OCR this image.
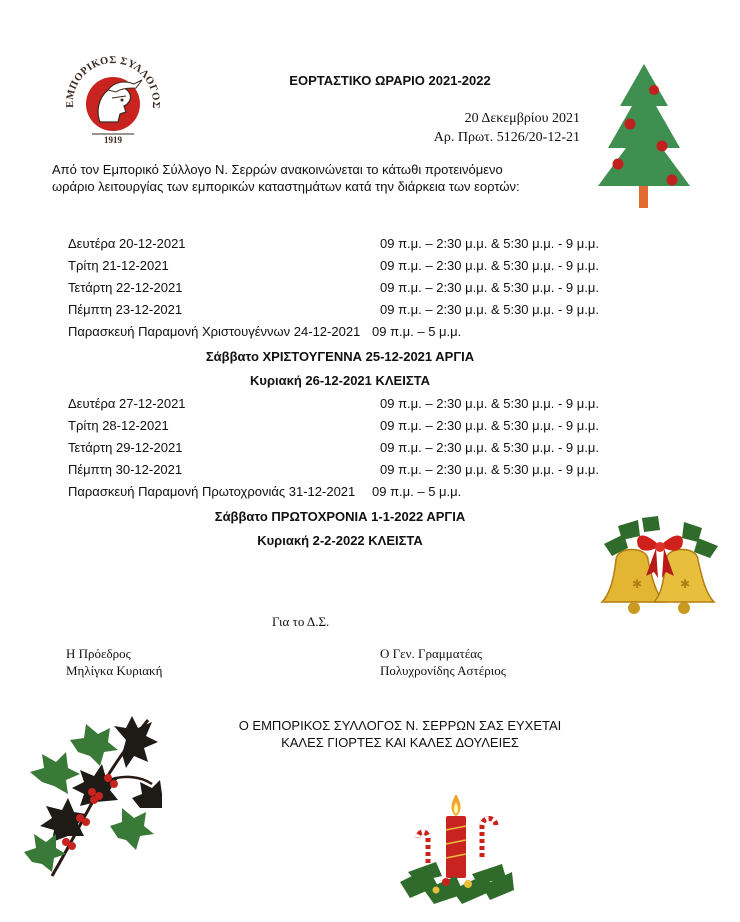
ΕΜΠΟΡΙΚΟΣ ΣΥΛΛΟΓΟΣ
1919
ΕΟΡΤΑΣΤΙΚΟ ΩΡΑΡΙΟ 2021-2022
20 Δεκεμβρίου 2021
Αρ. Πρωτ. 5126/20-12-21
Από τον Εμπορικό Σύλλογο Ν. Σερρών ανακοινώνεται το κάτωθι προτεινόμενο
ωράριο λειτουργίας των εμπορικών καταστημάτων κατά την διάρκεια των εορτών:
Δευτέρα 20-12-2021	09 π.μ. – 2:30 μ.μ. & 5:30 μ.μ. - 9 μ.μ.
Τρίτη 21-12-2021	09 π.μ. – 2:30 μ.μ. & 5:30 μ.μ. - 9 μ.μ.
Τετάρτη 22-12-2021	09 π.μ. – 2:30 μ.μ. & 5:30 μ.μ. - 9 μ.μ.
Πέμπτη 23-12-2021	09 π.μ. – 2:30 μ.μ. & 5:30 μ.μ. - 9 μ.μ.
Παρασκευή Παραμονή Χριστουγέννων 24-12-2021 09 π.μ. – 5 μ.μ.
Σάββατο ΧΡΙΣΤΟΥΓΕΝΝΑ 25-12-2021 ΑΡΓΙΑ
Κυριακή 26-12-2021 ΚΛΕΙΣΤΑ
Δευτέρα 27-12-2021	09 π.μ. – 2:30 μ.μ. & 5:30 μ.μ. - 9 μ.μ.
Τρίτη 28-12-2021	09 π.μ. – 2:30 μ.μ. & 5:30 μ.μ. - 9 μ.μ.
Τετάρτη 29-12-2021	09 π.μ. – 2:30 μ.μ. & 5:30 μ.μ. - 9 μ.μ.
Πέμπτη 30-12-2021	09 π.μ. – 2:30 μ.μ. & 5:30 μ.μ. - 9 μ.μ.
Παρασκευή Παραμονή Πρωτοχρονιάς 31-12-2021 09 π.μ. – 5 μ.μ.
Σάββατο ΠΡΩΤΟΧΡΟΝΙΑ 1-1-2022 ΑΡΓΙΑ
Κυριακή 2-2-2022 ΚΛΕΙΣΤΑ
✱	✱
Για το Δ.Σ.
Η Πρόεδρος
Μηλίγκα Κυριακή
Ο Γεν. Γραμματέας
Πολυχρονίδης Αστέριος
Ο ΕΜΠΟΡΙΚΟΣ ΣΥΛΛΟΓΟΣ Ν. ΣΕΡΡΩΝ ΣΑΣ ΕΥΧΕΤΑΙ
ΚΑΛΕΣ ΓΙΟΡΤΕΣ ΚΑΙ ΚΑΛΕΣ ΔΟΥΛΕΙΕΣ
